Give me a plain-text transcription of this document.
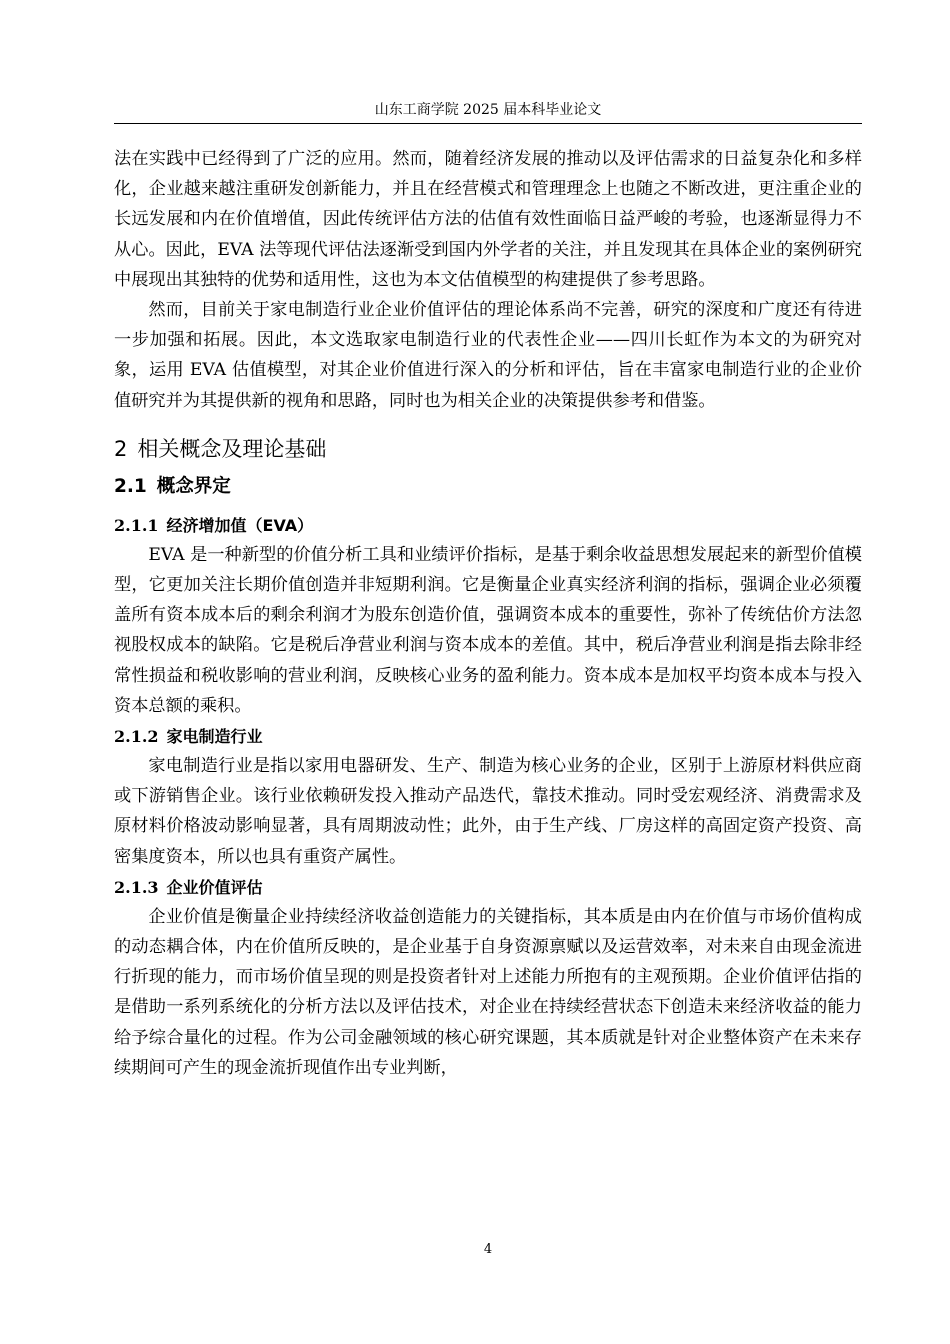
山东工商学院 2025 届本科毕业论文

法在实践中已经得到了广泛的应用。然而，随着经济发展的推动以及评估需求的日益复杂化和多样化，企业越来越注重研发创新能力，并且在经营模式和管理理念上也随之不断改进，更注重企业的长远发展和内在价值增值，因此传统评估方法的估值有效性面临日益严峻的考验，也逐渐显得力不从心。因此，EVA 法等现代评估法逐渐受到国内外学者的关注，并且发现其在具体企业的案例研究中展现出其独特的优势和适用性，这也为本文估值模型的构建提供了参考思路。

然而，目前关于家电制造行业企业价值评估的理论体系尚不完善，研究的深度和广度还有待进一步加强和拓展。因此，本文选取家电制造行业的代表性企业——四川长虹作为本文的为研究对象，运用 EVA 估值模型，对其企业价值进行深入的分析和评估，旨在丰富家电制造行业的企业价值研究并为其提供新的视角和思路，同时也为相关企业的决策提供参考和借鉴。

2 相关概念及理论基础
2.1 概念界定
2.1.1 经济增加值（EVA）

EVA 是一种新型的价值分析工具和业绩评价指标，是基于剩余收益思想发展起来的新型价值模型，它更加关注长期价值创造并非短期利润。它是衡量企业真实经济利润的指标，强调企业必须覆盖所有资本成本后的剩余利润才为股东创造价值，强调资本成本的重要性，弥补了传统估价方法忽视股权成本的缺陷。它是税后净营业利润与资本成本的差值。其中，税后净营业利润是指去除非经常性损益和税收影响的营业利润，反映核心业务的盈利能力。资本成本是加权平均资本成本与投入资本总额的乘积。

2.1.2 家电制造行业

家电制造行业是指以家用电器研发、生产、制造为核心业务的企业，区别于上游原材料供应商或下游销售企业。该行业依赖研发投入推动产品迭代，靠技术推动。同时受宏观经济、消费需求及原材料价格波动影响显著，具有周期波动性；此外，由于生产线、厂房这样的高固定资产投资、高密集度资本，所以也具有重资产属性。

2.1.3 企业价值评估

企业价值是衡量企业持续经济收益创造能力的关键指标，其本质是由内在价值与市场价值构成的动态耦合体，内在价值所反映的，是企业基于自身资源禀赋以及运营效率，对未来自由现金流进行折现的能力，而市场价值呈现的则是投资者针对上述能力所抱有的主观预期。企业价值评估指的是借助一系列系统化的分析方法以及评估技术，对企业在持续经营状态下创造未来经济收益的能力给予综合量化的过程。作为公司金融领域的核心研究课题，其本质就是针对企业整体资产在未来存续期间可产生的现金流折现值作出专业判断，

4
